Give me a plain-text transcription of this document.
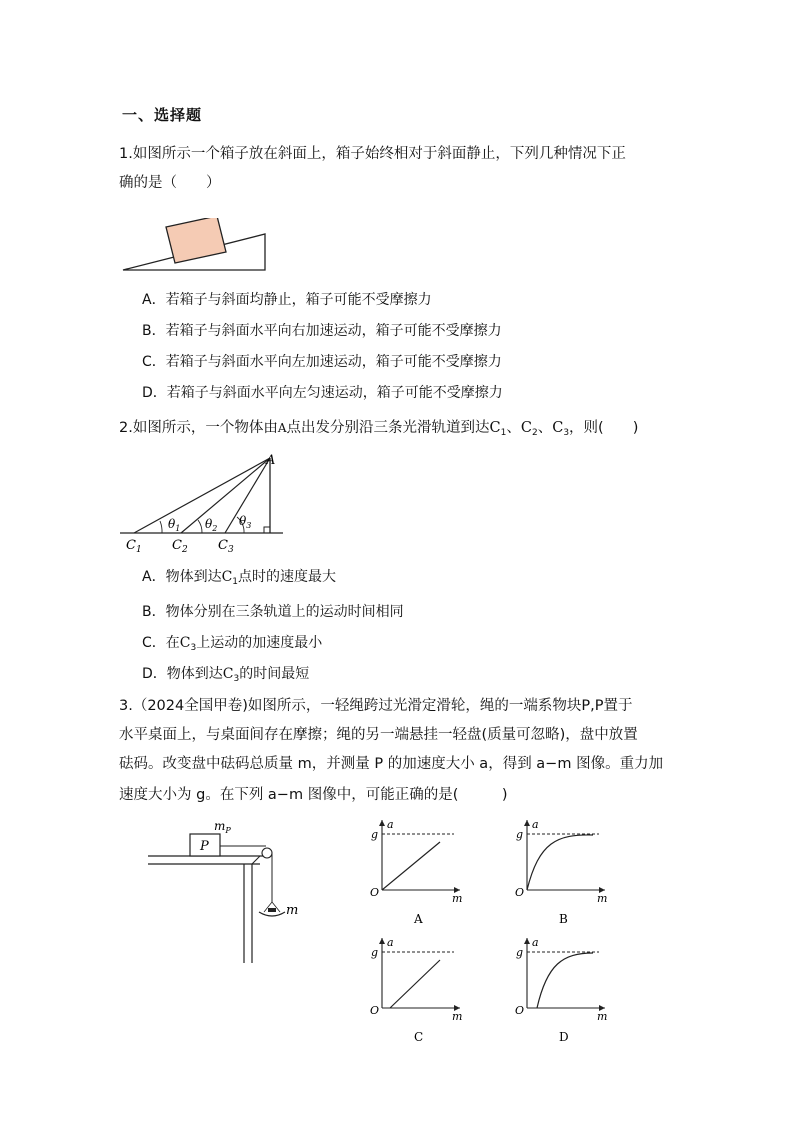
一、选择题
1.如图所示一个箱子放在斜面上，箱子始终相对于斜面静止，下列几种情况下正
确的是（　　）
A．若箱子与斜面均静止，箱子可能不受摩擦力
B．若箱子与斜面水平向右加速运动，箱子可能不受摩擦力
C．若箱子与斜面水平向左加速运动，箱子可能不受摩擦力
D．若箱子与斜面水平向左匀速运动，箱子可能不受摩擦力
2.如图所示，一个物体由A点出发分别沿三条光滑轨道到达$C_1$、$C_2$、$C_3$，则(　　)
A
$\theta_1$ $\theta_2$
$\theta_3$
$C_1$ $C_2$ $C_3$
A．物体到达$C_1$点时的速度最大
B．物体分别在三条轨道上的运动时间相同
C．在$C_3$上运动的加速度最小
D．物体到达$C_3$的时间最短
3.（2024全国甲卷)如图所示，一轻绳跨过光滑定滑轮，绳的一端系物块P,P置于
水平桌面上，与桌面间存在摩擦；绳的另一端悬挂一轻盘(质量可忽略)，盘中放置
砝码。改变盘中砝码总质量 m，并测量 P 的加速度大小 a，得到 a−m 图像。重力加
速度大小为 g。在下列 a−m 图像中，可能正确的是(　　　)
P
$m_P$
m
a
m
g
O
A
a
m
g
O
B
a
m
g
O
C
a
m
g
O
D
